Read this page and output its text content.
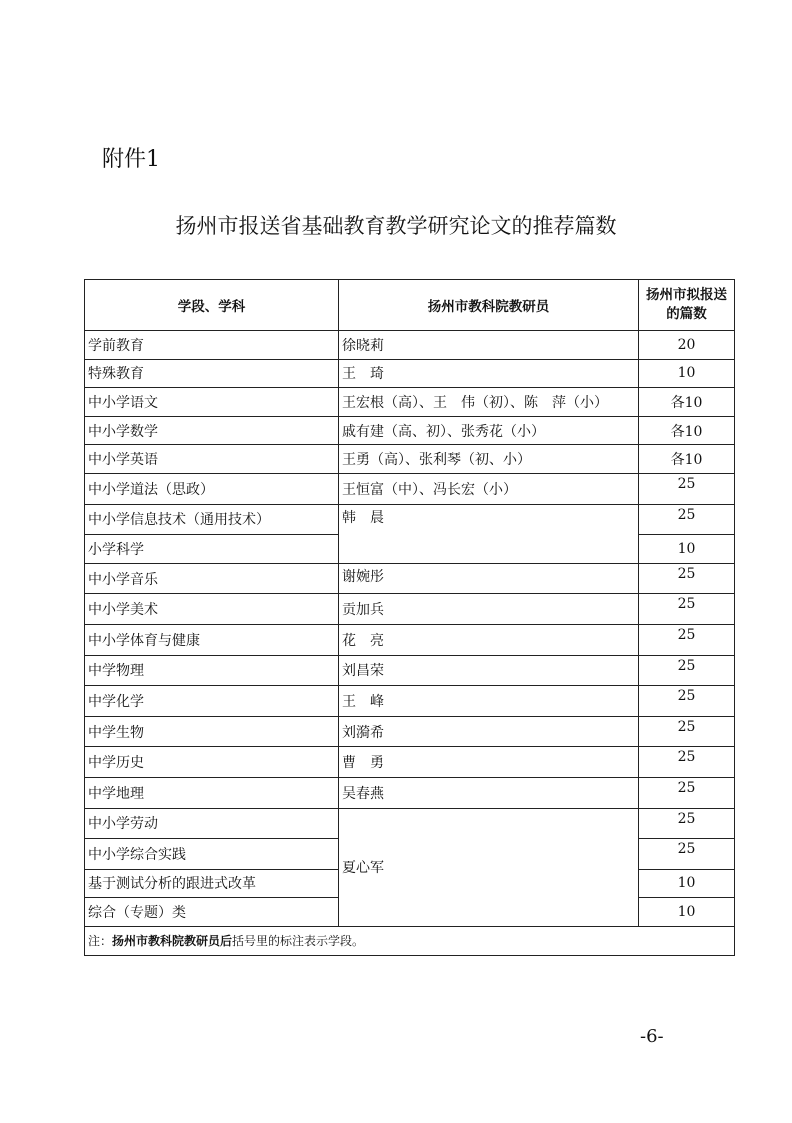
附件1
扬州市报送省基础教育教学研究论文的推荐篇数
学段、学科	扬州市教科院教研员	扬州市拟报送的篇数
学前教育	徐晓莉	20
特殊教育	王　琦	10
中小学语文	王宏根（高）、王　伟（初）、陈　萍（小）	各10
中小学数学	戚有建（高、初）、张秀花（小）	各10
中小学英语	王勇（高）、张利琴（初、小）	各10
中小学道法（思政）	王恒富（中）、冯长宏（小）	25
中小学信息技术（通用技术）	韩　晨	25
小学科学		10
中小学音乐	谢婉彤	25
中小学美术	贡加兵	25
中小学体育与健康	花　亮	25
中学物理	刘昌荣	25
中学化学	王　峰	25
中学生物	刘漪希	25
中学历史	曹　勇	25
中学地理	吴春燕	25
中小学劳动	夏心军	25
中小学综合实践		25
基于测试分析的跟进式改革		10
综合（专题）类		10
注：扬州市教科院教研员后括号里的标注表示学段。		
-6-
